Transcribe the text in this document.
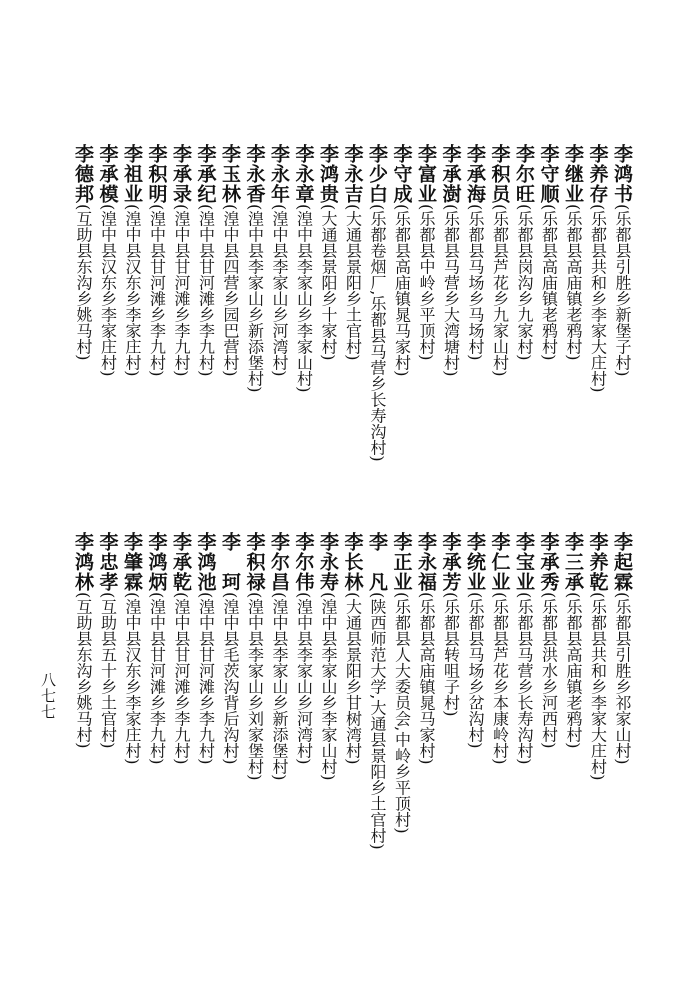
李鸿书(乐都县引胜乡新堡子村)
李养存(乐都县共和乡李家大庄村)
李继业(乐都县高庙镇老鸦村)
李守顺(乐都县高庙镇老鸦村)
李尔旺(乐都县岗沟乡九家村)
李积员(乐都县芦花乡九家山村)
李承海(乐都县马场乡马场村)
李承澍(乐都县马营乡大湾塘村)
李富业(乐都县中岭乡平顶村)
李守成(乐都县高庙镇晁马家村)
李少白(乐都卷烟厂,乐都县马营乡长寿沟村)
李永吉(大通县景阳乡土官村)
李鸿贵(大通县景阳乡十家村)
李永章(湟中县李家山乡李家山村)
李永年(湟中县李家山乡河湾村)
李永香(湟中县李家山乡新添堡村)
李玉林(湟中县四营乡园巴营村)
李承纪(湟中县甘河滩乡李九村)
李承录(湟中县甘河滩乡李九村)
李积明(湟中县甘河滩乡李九村)
李祖业(湟中县汉东乡李家庄村)
李承模(湟中县汉东乡李家庄村)
李德邦(互助县东沟乡姚马村)
李起霖(乐都县引胜乡祁家山村)
李养乾(乐都县共和乡李家大庄村)
李三承(乐都县高庙镇老鸦村)
李承秀(乐都县洪水乡河西村)
李宝业(乐都县马营乡长寿沟村)
李仁业(乐都县芦花乡本康岭村)
李统业(乐都县马场乡岔沟村)
李承芳(乐都县转咀子村)
李永福(乐都县高庙镇晁马家村)
李正业(乐都县人大委员会,中岭乡平顶村)
李　凡(陕西师范大学,大通县景阳乡土官村)
李长林(大通县景阳乡甘树湾村)
李永寿(湟中县李家山乡李家山村)
李尔伟(湟中县李家山乡河湾村)
李尔昌(湟中县李家山乡新添堡村)
李积禄(湟中县李家山乡刘家堡村)
李　珂(湟中县毛茨沟背后沟村)
李鸿池(湟中县甘河滩乡李九村)
李承乾(湟中县甘河滩乡李九村)
李鸿炳(湟中县甘河滩乡李九村)
李肇霖(湟中县汉东乡李家庄村)
李忠孝(互助县五十乡土官村)
李鸿林(互助县东沟乡姚马村)
八七七
